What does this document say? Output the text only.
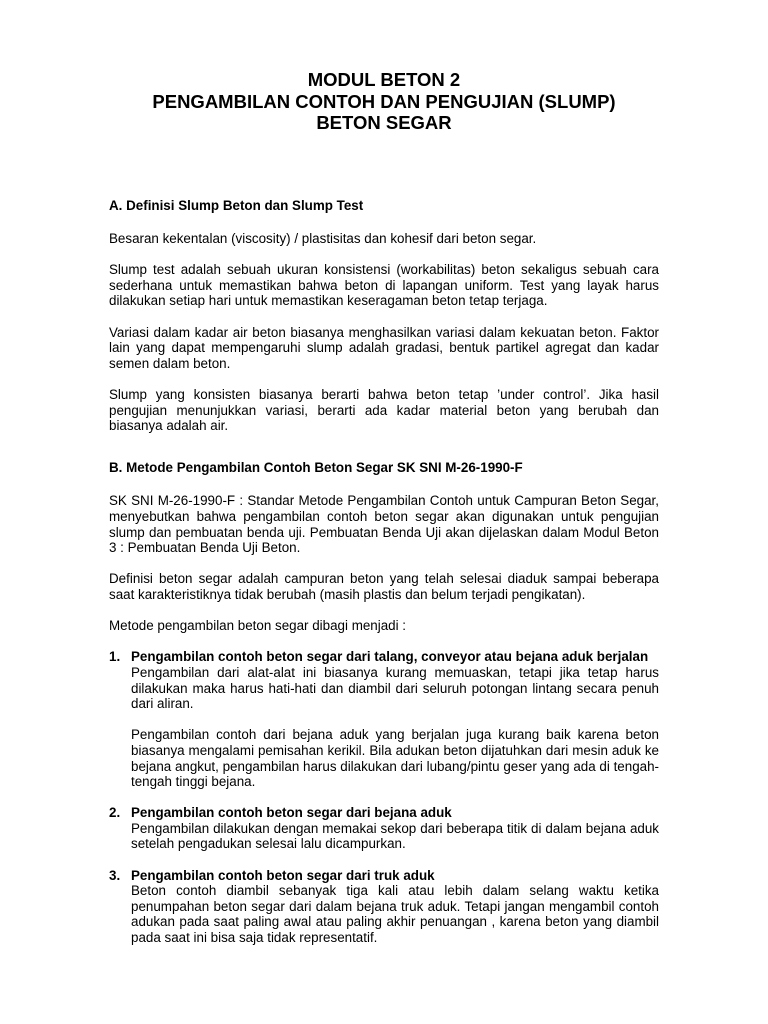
MODUL BETON 2
PENGAMBILAN CONTOH DAN PENGUJIAN (SLUMP)
BETON SEGAR
A. Definisi Slump Beton dan Slump Test

Besaran kekentalan (viscosity) / plastisitas dan kohesif dari beton segar.

Slump test adalah sebuah ukuran konsistensi (workabilitas) beton sekaligus sebuah cara sederhana untuk memastikan bahwa beton di lapangan uniform. Test yang layak harus dilakukan setiap hari untuk memastikan keseragaman beton tetap terjaga.

Variasi dalam kadar air beton biasanya menghasilkan variasi dalam kekuatan beton. Faktor lain yang dapat mempengaruhi slump adalah gradasi, bentuk partikel agregat dan kadar semen dalam beton.

Slump yang konsisten biasanya berarti bahwa beton tetap ’under control’. Jika hasil pengujian menunjukkan variasi, berarti ada kadar material beton yang berubah dan biasanya adalah air.

B. Metode Pengambilan Contoh Beton Segar SK SNI M-26-1990-F

SK SNI M-26-1990-F : Standar Metode Pengambilan Contoh untuk Campuran Beton Segar, menyebutkan bahwa pengambilan contoh beton segar akan digunakan untuk pengujian slump dan pembuatan benda uji. Pembuatan Benda Uji akan dijelaskan dalam Modul Beton 3 : Pembuatan Benda Uji Beton.

Definisi beton segar adalah campuran beton yang telah selesai diaduk sampai beberapa saat karakteristiknya tidak berubah (masih plastis dan belum terjadi pengikatan).

Metode pengambilan beton segar dibagi menjadi :

1. Pengambilan contoh beton segar dari talang, conveyor atau bejana aduk berjalan

Pengambilan dari alat-alat ini biasanya kurang memuaskan, tetapi jika tetap harus dilakukan maka harus hati-hati dan diambil dari seluruh potongan lintang secara penuh dari aliran.

Pengambilan contoh dari bejana aduk yang berjalan juga kurang baik karena beton biasanya mengalami pemisahan kerikil. Bila adukan beton dijatuhkan dari mesin aduk ke bejana angkut, pengambilan harus dilakukan dari lubang/pintu geser yang ada di tengah-tengah tinggi bejana.

2. Pengambilan contoh beton segar dari bejana aduk

Pengambilan dilakukan dengan memakai sekop dari beberapa titik di dalam bejana aduk setelah pengadukan selesai lalu dicampurkan.

3. Pengambilan contoh beton segar dari truk aduk

Beton contoh diambil sebanyak tiga kali atau lebih dalam selang waktu ketika penumpahan beton segar dari dalam bejana truk aduk. Tetapi jangan mengambil contoh adukan pada saat paling awal atau paling akhir penuangan , karena beton yang diambil pada saat ini bisa saja tidak representatif.
